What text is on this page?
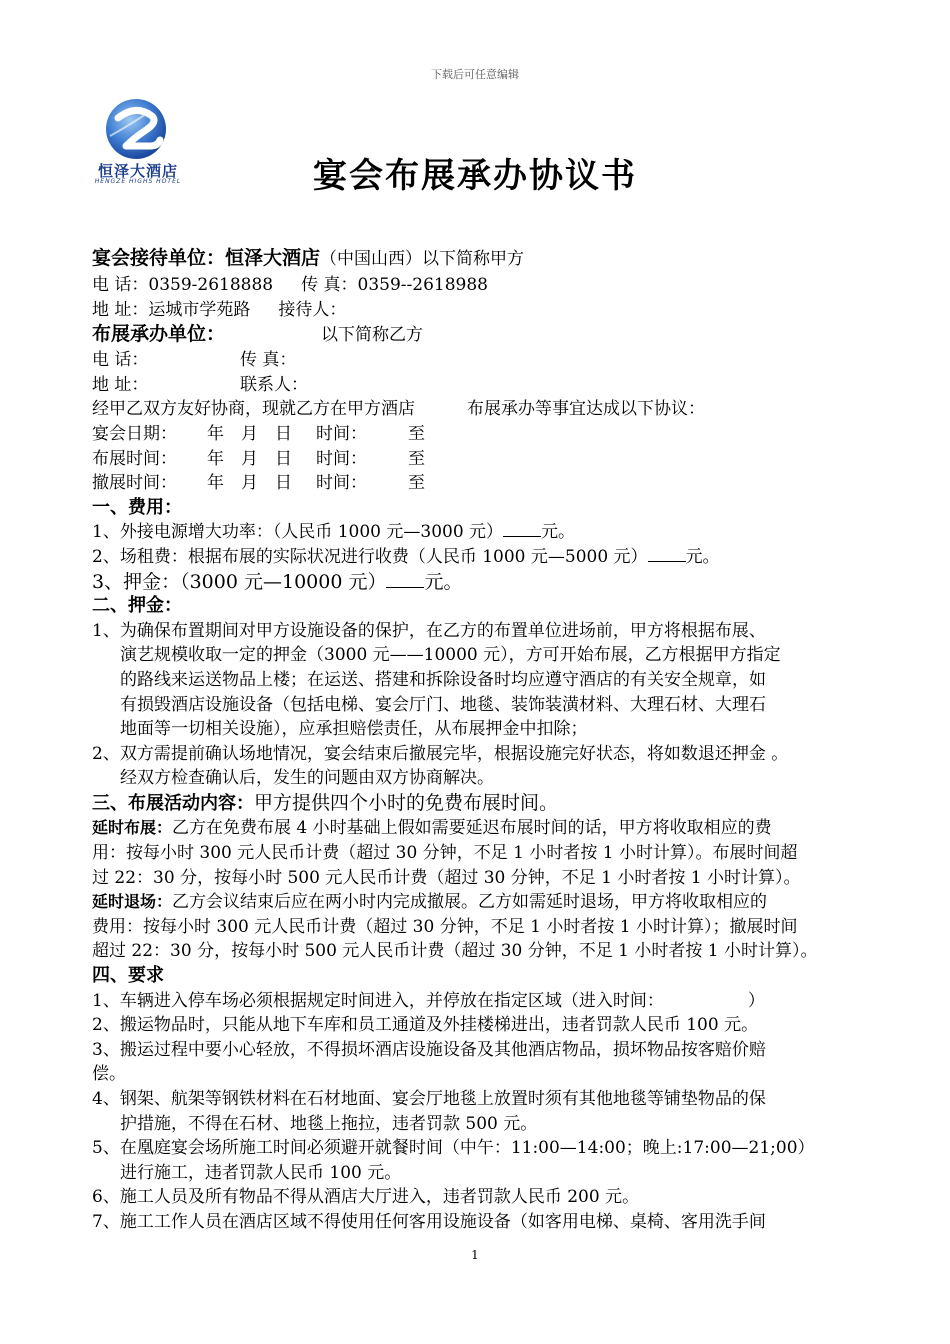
下载后可任意编辑
恒泽大酒店
HENGZE HIGHS HOTEL	宴会布展承办协议书
宴会接待单位：恒泽大酒店（中国山西）以下简称甲方
电 话：0359-2618888 传 真：0359--2618988
地 址：运城市学苑路 接待人：
布展承办单位：	以下简称乙方
电 话：	传 真：
地 址：	联系人：
经甲乙双方友好协商，现就乙方在甲方酒店	布展承办等事宜达成以下协议：
宴会日期： 年 月 日 时间： 至
布展时间： 年 月 日 时间： 至
撤展时间： 年 月 日 时间： 至
一、费用：
1、外接电源增大功率：（人民币 1000 元—3000 元） 元。
2、场租费：根据布展的实际状况进行收费（人民币 1000 元—5000 元） 元。
3、押金：（3000 元—10000 元） 元。
二、押金：
1、为确保布置期间对甲方设施设备的保护，在乙方的布置单位进场前，甲方将根据布展、
演艺规模收取一定的押金（3000 元——10000 元），方可开始布展，乙方根据甲方指定
的路线来运送物品上楼；在运送、搭建和拆除设备时均应遵守酒店的有关安全规章，如
有损毁酒店设施设备（包括电梯、宴会厅门、地毯、装饰装潢材料、大理石材、大理石
地面等一切相关设施），应承担赔偿责任，从布展押金中扣除；
2、双方需提前确认场地情况，宴会结束后撤展完毕，根据设施完好状态，将如数退还押金 。
经双方检查确认后，发生的问题由双方协商解决。
三、布展活动内容：甲方提供四个小时的免费布展时间。
延时布展：乙方在免费布展 4 小时基础上假如需要延迟布展时间的话，甲方将收取相应的费
用：按每小时 300 元人民币计费（超过 30 分钟，不足 1 小时者按 1 小时计算）。布展时间超
过 22：30 分，按每小时 500 元人民币计费（超过 30 分钟，不足 1 小时者按 1 小时计算）。
延时退场：乙方会议结束后应在两小时内完成撤展。乙方如需延时退场，甲方将收取相应的
费用：按每小时 300 元人民币计费（超过 30 分钟，不足 1 小时者按 1 小时计算）；撤展时间
超过 22：30 分，按每小时 500 元人民币计费（超过 30 分钟，不足 1 小时者按 1 小时计算）。
四、要求
1、车辆进入停车场必须根据规定时间进入，并停放在指定区域（进入时间：	）
2、搬运物品时，只能从地下车库和员工通道及外挂楼梯进出，违者罚款人民币 100 元。
3、搬运过程中要小心轻放，不得损坏酒店设施设备及其他酒店物品，损坏物品按客赔价赔
偿。
4、钢架、航架等钢铁材料在石材地面、宴会厅地毯上放置时须有其他地毯等铺垫物品的保
护措施，不得在石材、地毯上拖拉，违者罚款 500 元。
5、在凰庭宴会场所施工时间必须避开就餐时间（中午：11:00—14:00；晚上:17:00—21;00）
进行施工，违者罚款人民币 100 元。
6、施工人员及所有物品不得从酒店大厅进入，违者罚款人民币 200 元。
7、施工工作人员在酒店区域不得使用任何客用设施设备（如客用电梯、桌椅、客用洗手间
1
